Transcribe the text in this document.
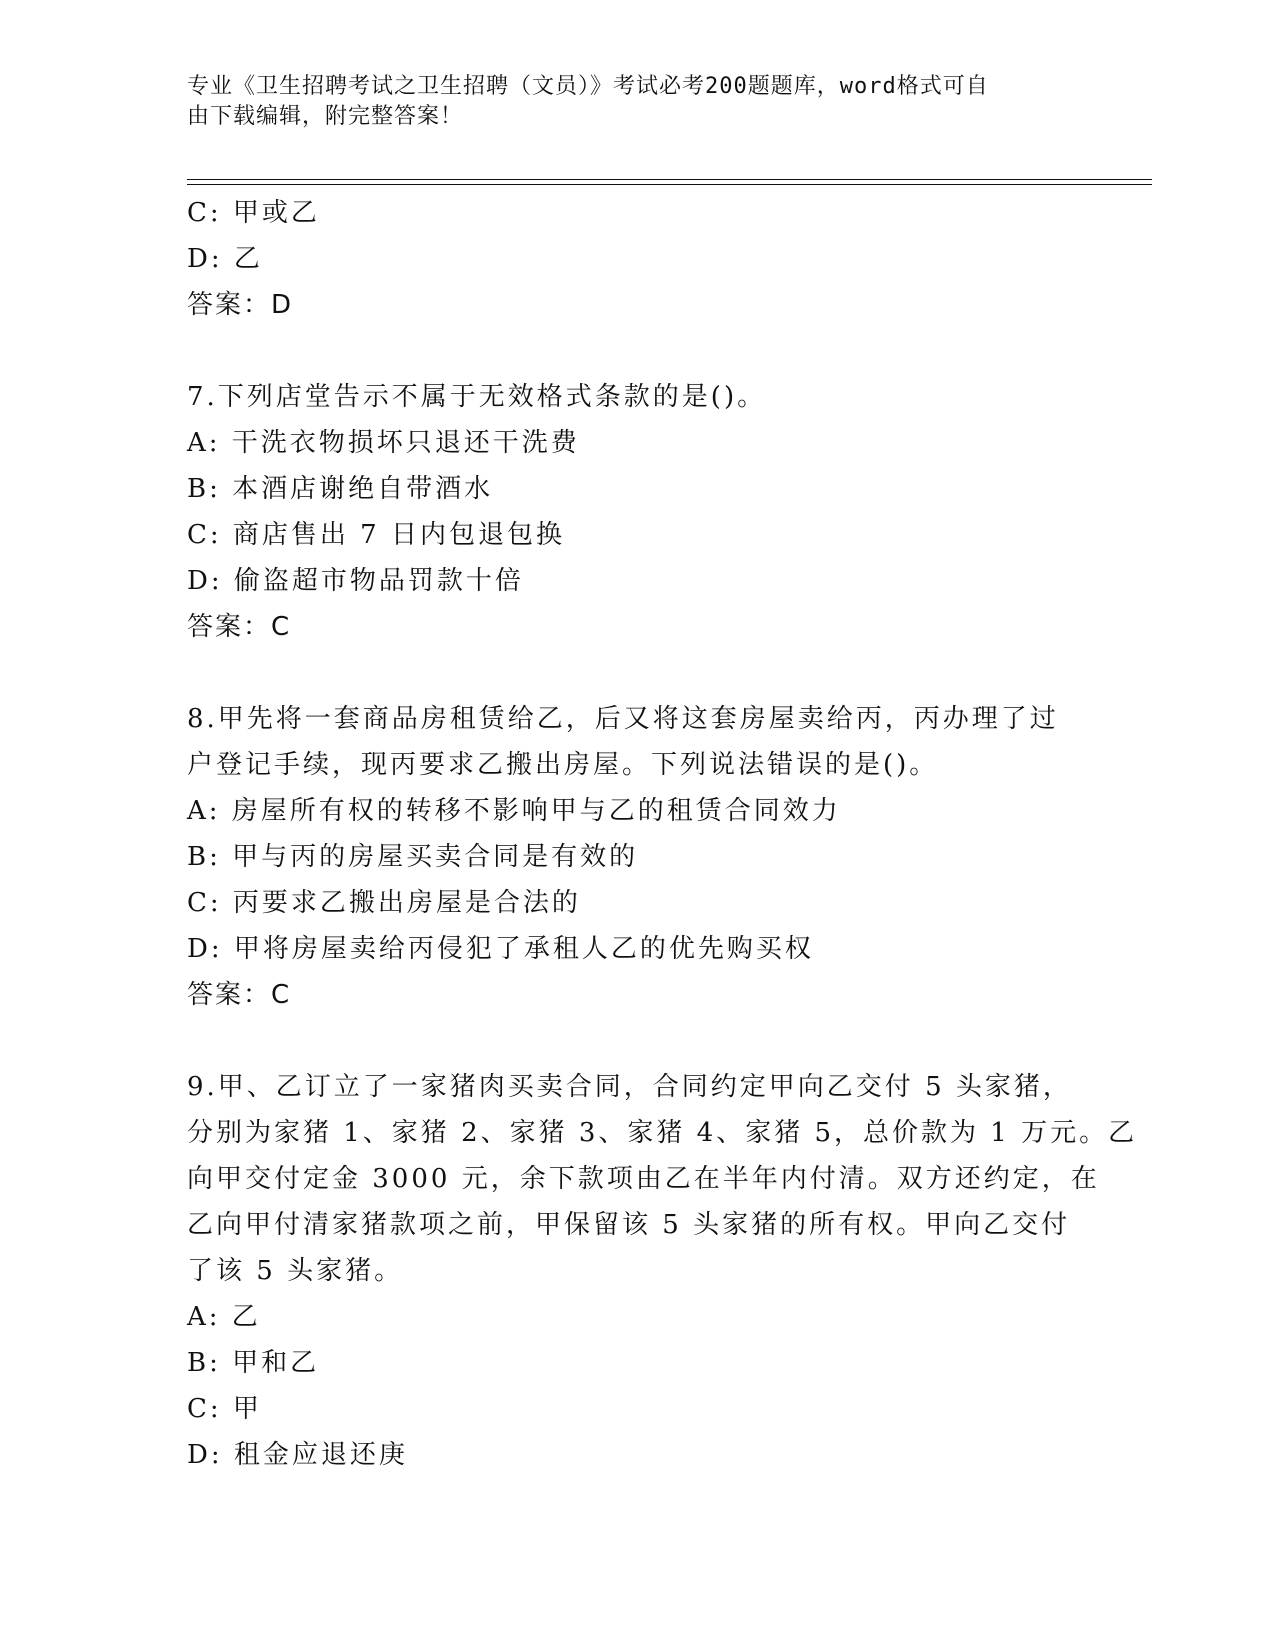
专业《卫生招聘考试之卫生招聘（文员）》考试必考200题题库，word格式可自
由下载编辑，附完整答案！
C: 甲或乙
D: 乙
答案：D
7.下列店堂告示不属于无效格式条款的是()。
A: 干洗衣物损坏只退还干洗费
B: 本酒店谢绝自带酒水
C: 商店售出 7 日内包退包换
D: 偷盗超市物品罚款十倍
答案：C
8.甲先将一套商品房租赁给乙，后又将这套房屋卖给丙，丙办理了过
户登记手续，现丙要求乙搬出房屋。下列说法错误的是()。
A: 房屋所有权的转移不影响甲与乙的租赁合同效力
B: 甲与丙的房屋买卖合同是有效的
C: 丙要求乙搬出房屋是合法的
D: 甲将房屋卖给丙侵犯了承租人乙的优先购买权
答案：C
9.甲、乙订立了一家猪肉买卖合同，合同约定甲向乙交付 5 头家猪，
分别为家猪 1、家猪 2、家猪 3、家猪 4、家猪 5，总价款为 1 万元。乙
向甲交付定金 3000 元，余下款项由乙在半年内付清。双方还约定，在
乙向甲付清家猪款项之前，甲保留该 5 头家猪的所有权。甲向乙交付
了该 5 头家猪。
A: 乙
B: 甲和乙
C: 甲
D: 租金应退还庚
